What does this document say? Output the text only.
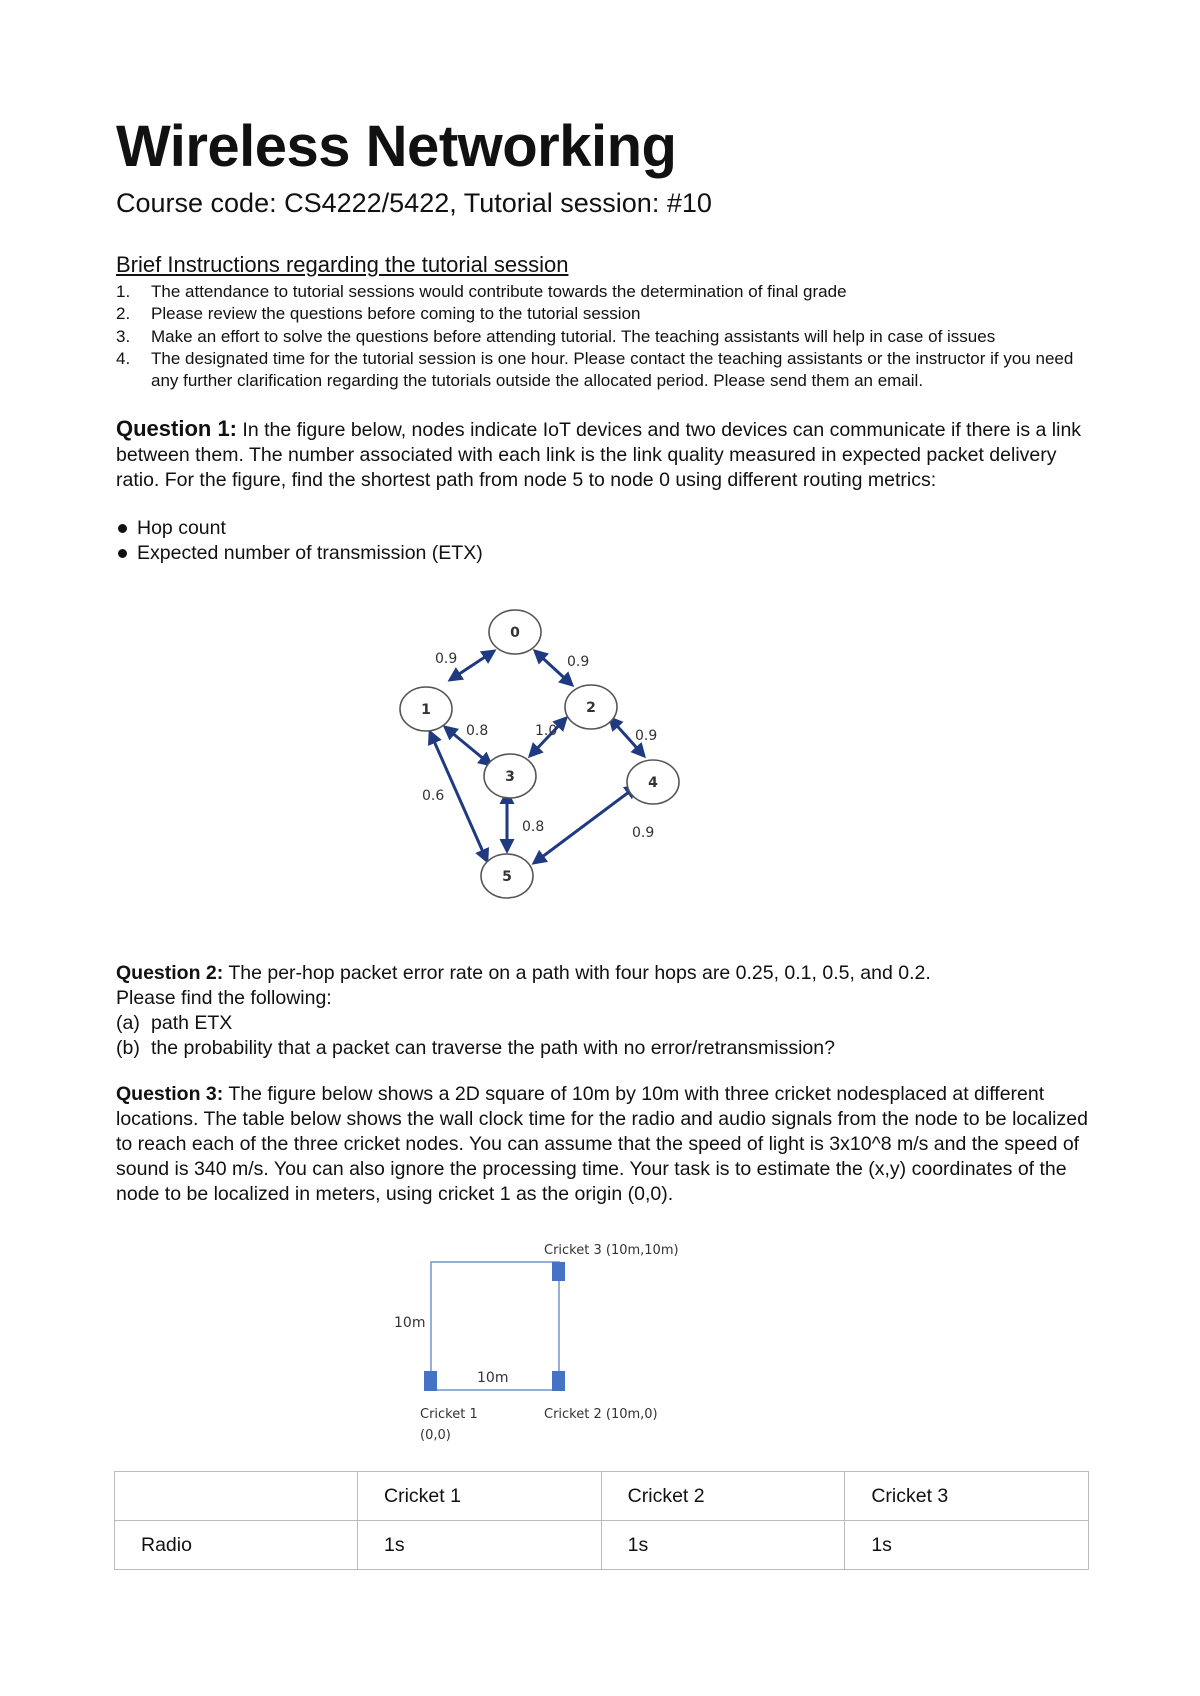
Wireless Networking
Course code: CS4222/5422, Tutorial session: #10
Brief Instructions regarding the tutorial session
1.	The attendance to tutorial sessions would contribute towards the determination of final grade
2.	Please review the questions before coming to the tutorial session
3.	Make an effort to solve the questions before attending tutorial. The teaching assistants will help in case of issues
4.	The designated time for the tutorial session is one hour. Please contact the teaching assistants or the instructor if you need any further clarification regarding the tutorials outside the allocated period. Please send them an email.
Question 1: In the figure below, nodes indicate IoT devices and two devices can communicate if there is a link between them. The number associated with each link is the link quality measured in expected packet delivery ratio. For the figure, find the shortest path from node 5 to node 0 using different routing metrics:
Hop count
Expected number of transmission (ETX)
0
1	2
3	4
5
0.9	0.9
0.8	1.0	0.9
0.6
0.8	0.9
Question 2: The per-hop packet error rate on a path with four hops are 0.25, 0.1, 0.5, and 0.2.
Please find the following:
(a) path ETX
(b) the probability that a packet can traverse the path with no error/retransmission?
Question 3: The figure below shows a 2D square of 10m by 10m with three cricket nodesplaced at different locations. The table below shows the wall clock time for the radio and audio signals from the node to be localized to reach each of the three cricket nodes. You can assume that the speed of light is 3x10^8 m/s and the speed of sound is 340 m/s. You can also ignore the processing time. Your task is to estimate the (x,y) coordinates of the node to be localized in meters, using cricket 1 as the origin (0,0).
Cricket 3 (10m,10m)
10m
10m
Cricket 1
(0,0)
Cricket 2 (10m,0)
	Cricket 1	Cricket 2	Cricket 3
Radio	1s	1s	1s
